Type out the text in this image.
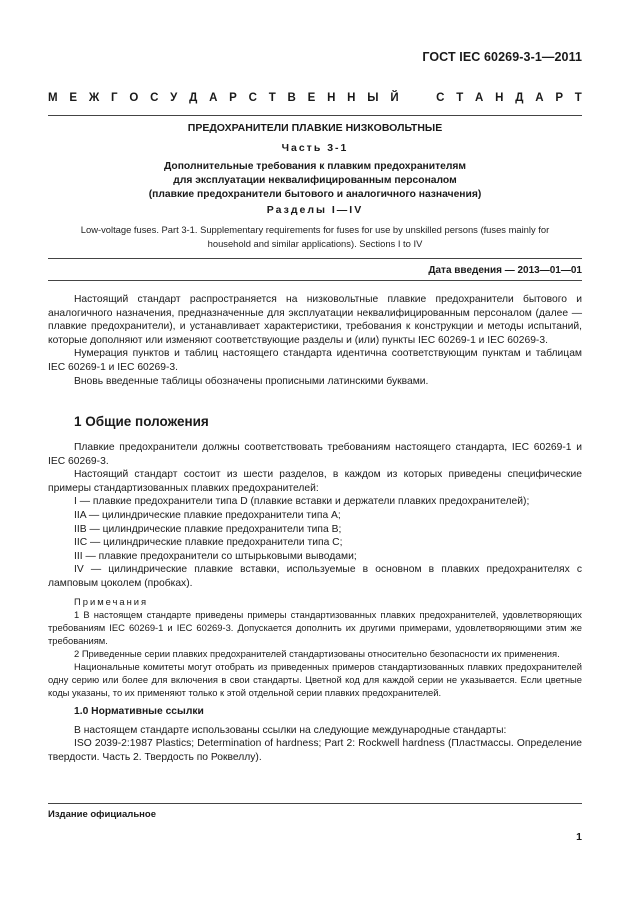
ГОСТ IEC 60269-3-1—2011
М Е Ж Г О С У Д А Р С Т В Е Н Н Ы Й	С Т А Н Д А Р Т
ПРЕДОХРАНИТЕЛИ ПЛАВКИЕ НИЗКОВОЛЬТНЫЕ
Часть 3-1
Дополнительные требования к плавким предохранителям
для эксплуатации неквалифицированным персоналом
(плавкие предохранители бытового и аналогичного назначения)
Разделы I—IV
Low-voltage fuses. Part 3-1. Supplementary requirements for fuses for use by unskilled persons (fuses mainly for
household and similar applications). Sections I to IV
Дата введения — 2013—01—01

Настоящий стандарт распространяется на низковольтные плавкие предохранители бытового и аналогичного назначения, предназначенные для эксплуатации неквалифицированным персоналом (далее — плавкие предохранители), и устанавливает характеристики, требования к конструкции и методы испытаний, которые дополняют или изменяют соответствующие разделы и (или) пункты IEC 60269-1 и IEC 60269-3.

Нумерация пунктов и таблиц настоящего стандарта идентична соответствующим пунктам и таблицам IEC 60269-1 и IEC 60269-3.

Вновь введенные таблицы обозначены прописными латинскими буквами.

1 Общие положения

Плавкие предохранители должны соответствовать требованиям настоящего стандарта, IEC 60269-1 и IEC 60269-3.

Настоящий стандарт состоит из шести разделов, в каждом из которых приведены специфические примеры стандартизованных плавких предохранителей:

I — плавкие предохранители типа D (плавкие вставки и держатели плавких предохранителей);

IIA — цилиндрические плавкие предохранители типа A;

IIB — цилиндрические плавкие предохранители типа B;

IIC — цилиндрические плавкие предохранители типа C;

III — плавкие предохранители со штырьковыми выводами;

IV — цилиндрические плавкие вставки, используемые в основном в плавких предохранителях с ламповым цоколем (пробках).

Примечания

1 В настоящем стандарте приведены примеры стандартизованных плавких предохранителей, удовлетворяющих требованиям IEC 60269-1 и IEC 60269-3. Допускается дополнить их другими примерами, удовлетворяющими этим же требованиям.

2 Приведенные серии плавких предохранителей стандартизованы относительно безопасности их применения.

Национальные комитеты могут отобрать из приведенных примеров стандартизованных плавких предохранителей одну серию или более для включения в свои стандарты. Цветной код для каждой серии не указывается. Если цветные коды указаны, то их применяют только к этой отдельной серии плавких предохранителей.

1.0 Нормативные ссылки

В настоящем стандарте использованы ссылки на следующие международные стандарты:

ISO 2039-2:1987 Plastics; Determination of hardness; Part 2: Rockwell hardness (Пластмассы. Определение твердости. Часть 2. Твердость по Роквеллу).

Издание официальное
1
